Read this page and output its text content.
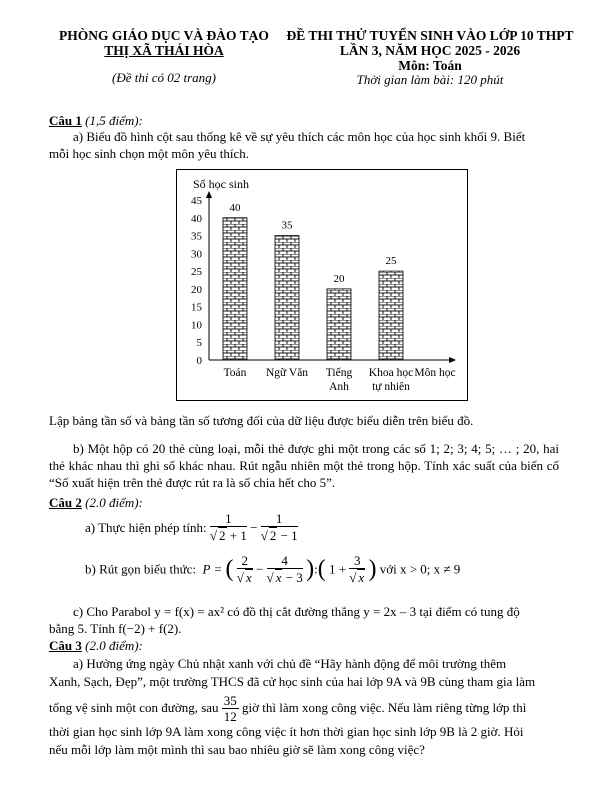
PHÒNG GIÁO DỤC VÀ ĐÀO TẠO
THỊ XÃ THÁI HÒA
(Đề thi có 02 trang)
ĐỀ THI THỬ TUYỂN SINH VÀO LỚP 10 THPT
LẦN 3, NĂM HỌC 2025 - 2026
Môn: Toán
Thời gian làm bài: 120 phút
Câu 1 (1,5 điểm):
a) Biểu đồ hình cột sau thống kê về sự yêu thích các môn học của học sinh khối 9. Biết
mỗi học sinh chọn một môn yêu thích.
Số học sinh
0
5
10
15
20
25
30
35
40
45
40
Toán
35
Ngữ Văn
20
Tiếng
Anh
25
Khoa học
tự nhiên
Môn học
Lập bảng tần số và bảng tần số tương đối của dữ liệu được biểu diễn trên biểu đồ.
b) Một hộp có 20 thẻ cùng loại, mỗi thẻ được ghi một trong các số 1; 2; 3; 4; 5; … ; 20, hai thẻ khác nhau thì ghi số khác nhau. Rút ngẫu nhiên một thẻ trong hộp. Tính xác suất của biến cố “Số xuất hiện trên thẻ được rút ra là số chia hết cho 5”.
Câu 2 (2.0 điểm):
a) Thực hiện phép tính: $\frac{1}{√ 2 + 1} - \frac{1}{√ 2 - 1}$
b) Rút gọn biểu thức:  P = ( $\frac{2}{√ x} - \frac{4}{√ x - 3}$ ):( $1 + \frac{3}{√ x}$ ) với x > 0; x ≠ 9
c) Cho Parabol y = f(x) = ax² có đồ thị cắt đường thẳng y = 2x – 3 tại điểm có tung độ
bằng 5. Tính f(−2) + f(2).
Câu 3 (2.0 điểm):
a) Hưởng ứng ngày Chủ nhật xanh với chủ đề “Hãy hành động để môi trường thêm
Xanh, Sạch, Đẹp”, một trường THCS đã cử học sinh của hai lớp 9A và 9B cùng tham gia làm
tổng vệ sinh một con đường, sau $\frac{35}{12}$ giờ thì làm xong công việc. Nếu làm riêng từng lớp thì
thời gian học sinh lớp 9A làm xong công việc ít hơn thời gian học sinh lớp 9B là 2 giờ. Hỏi
nếu mỗi lớp làm một mình thì sau bao nhiêu giờ sẽ làm xong công việc?
